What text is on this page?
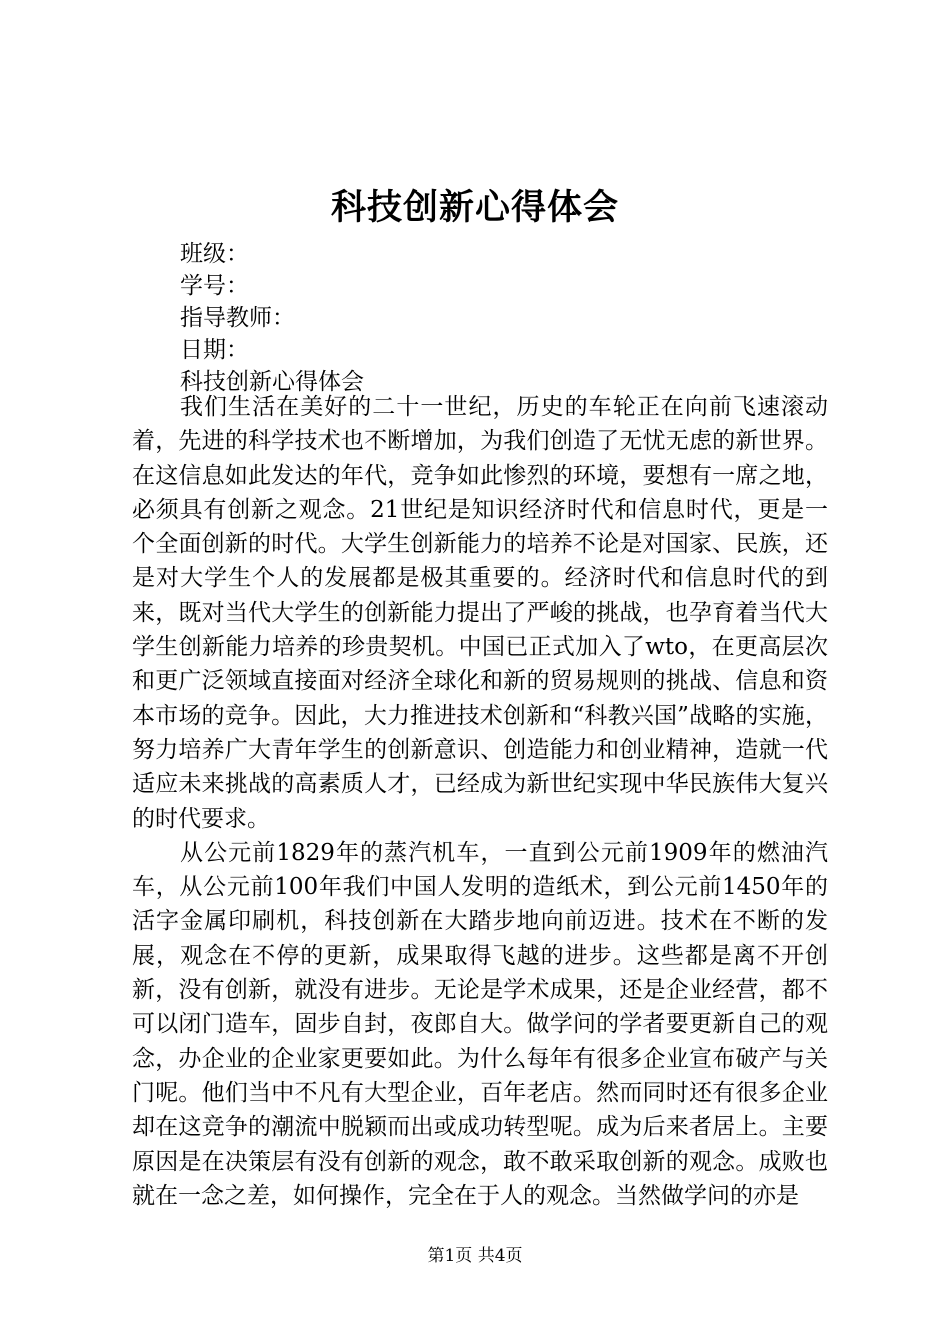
科技创新心得体会
班级：
学号：
指导教师：
日期：
科技创新心得体会

我们生活在美好的二十一世纪，历史的车轮正在向前飞速滚动着，先进的科学技术也不断增加，为我们创造了无忧无虑的新世界。在这信息如此发达的年代，竞争如此惨烈的环境，要想有一席之地，必须具有创新之观念。21世纪是知识经济时代和信息时代，更是一个全面创新的时代。大学生创新能力的培养不论是对国家、民族，还是对大学生个人的发展都是极其重要的。经济时代和信息时代的到来，既对当代大学生的创新能力提出了严峻的挑战，也孕育着当代大学生创新能力培养的珍贵契机。中国已正式加入了wto，在更高层次和更广泛领域直接面对经济全球化和新的贸易规则的挑战、信息和资本市场的竞争。因此，大力推进技术创新和“科教兴国”战略的实施，努力培养广大青年学生的创新意识、创造能力和创业精神，造就一代适应未来挑战的高素质人才，已经成为新世纪实现中华民族伟大复兴的时代要求。

从公元前1829年的蒸汽机车，一直到公元前1909年的燃油汽车，从公元前100年我们中国人发明的造纸术，到公元前1450年的活字金属印刷机，科技创新在大踏步地向前迈进。技术在不断的发展，观念在不停的更新，成果取得飞越的进步。这些都是离不开创新，没有创新，就没有进步。无论是学术成果，还是企业经营，都不可以闭门造车，固步自封，夜郎自大。做学问的学者要更新自己的观念，办企业的企业家更要如此。为什么每年有很多企业宣布破产与关门呢。他们当中不凡有大型企业，百年老店。然而同时还有很多企业却在这竞争的潮流中脱颖而出或成功转型呢。成为后来者居上。主要原因是在决策层有没有创新的观念，敢不敢采取创新的观念。成败也就在一念之差，如何操作，完全在于人的观念。当然做学问的亦是

第1页 共4页
